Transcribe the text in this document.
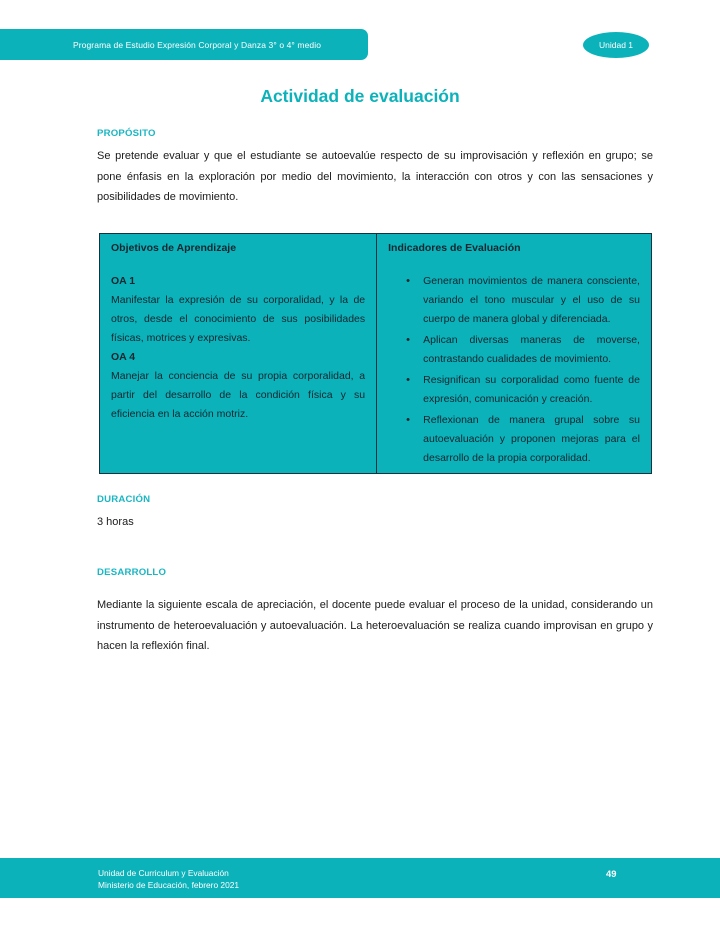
Programa de Estudio Expresión Corporal y Danza 3° o 4° medio	Unidad 1
Actividad de evaluación

PROPÓSITO

Se pretende evaluar y que el estudiante se autoevalúe respecto de su improvisación y reflexión en grupo; se pone énfasis en la exploración por medio del movimiento, la interacción con otros y con las sensaciones y posibilidades de movimiento.

Objetivos de Aprendizaje

OA 1

Manifestar la expresión de su corporalidad, y la de otros, desde el conocimiento de sus posibilidades físicas, motrices y expresivas.

OA 4

Manejar la conciencia de su propia corporalidad, a partir del desarrollo de la condición física y su eficiencia en la acción motriz.

Indicadores de Evaluación

• Generan movimientos de manera consciente, variando el tono muscular y el uso de su cuerpo de manera global y diferenciada.
• Aplican diversas maneras de moverse, contrastando cualidades de movimiento.
• Resignifican su corporalidad como fuente de expresión, comunicación y creación.
• Reflexionan de manera grupal sobre su autoevaluación y proponen mejoras para el desarrollo de la propia corporalidad.

DURACIÓN

3 horas

DESARROLLO

Mediante la siguiente escala de apreciación, el docente puede evaluar el proceso de la unidad, considerando un instrumento de heteroevaluación y autoevaluación. La heteroevaluación se realiza cuando improvisan en grupo y hacen la reflexión final.

Unidad de Curriculum y Evaluación
Ministerio de Educación, febrero 2021
49
